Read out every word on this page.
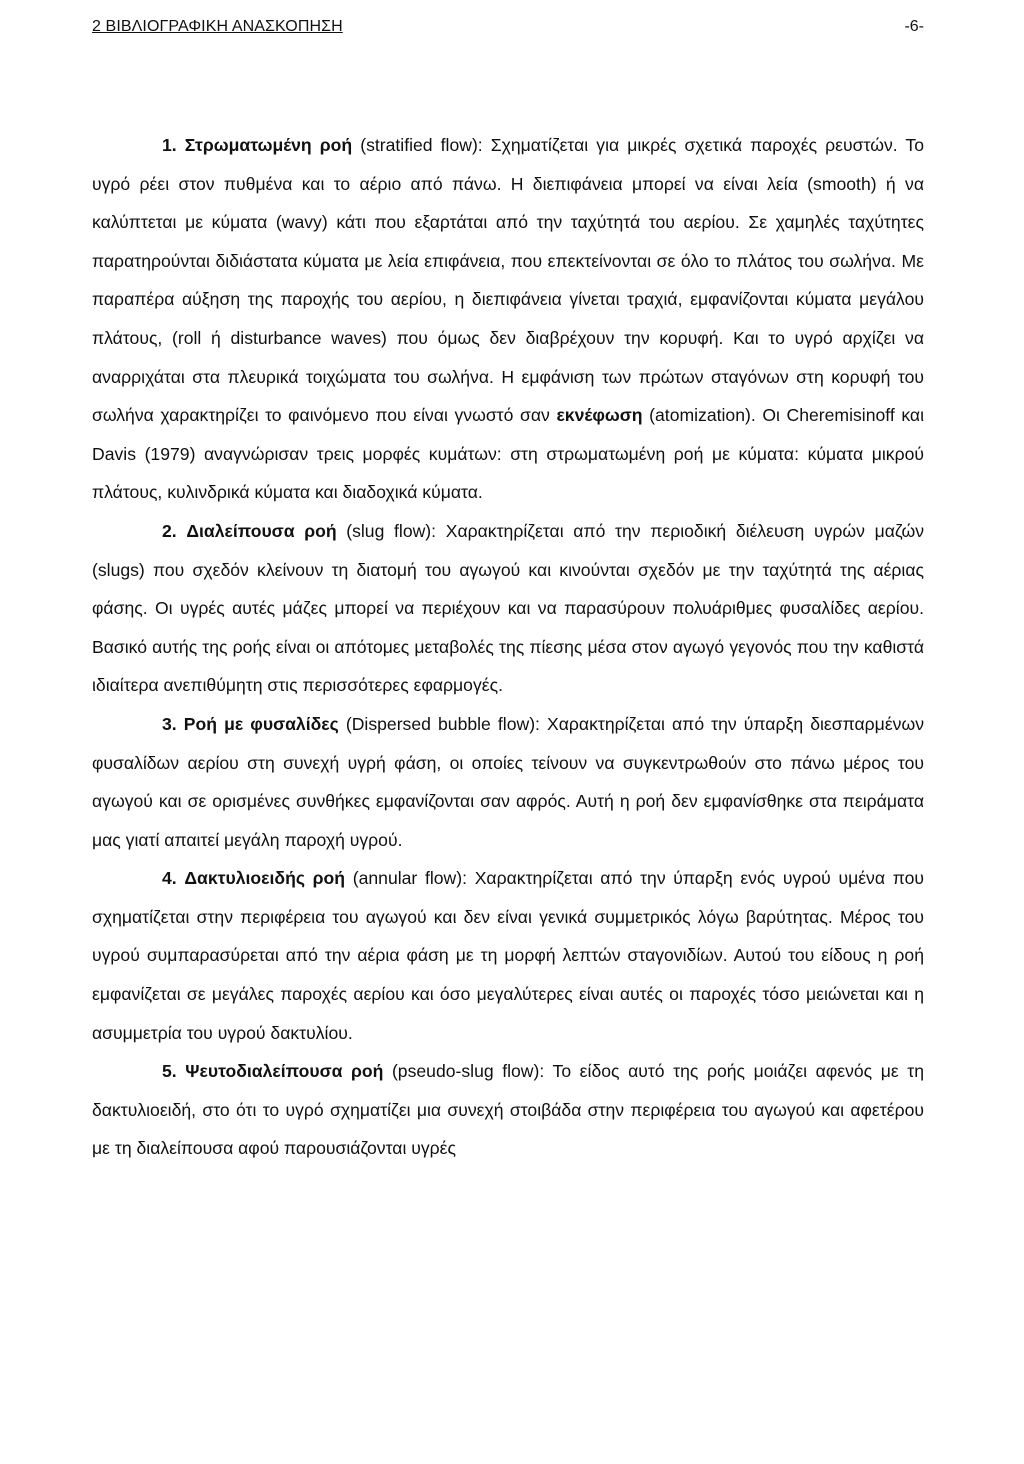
2 ΒΙΒΛΙΟΓΡΑΦΙΚΗ ΑΝΑΣΚΟΠΗΣΗ	-6-

1. Στρωματωμένη ροή (stratified flow): Σχηματίζεται για μικρές σχετικά παροχές ρευστών. Το υγρό ρέει στον πυθμένα και το αέριο από πάνω. Η διεπιφάνεια μπορεί να είναι λεία (smooth) ή να καλύπτεται με κύματα (wavy) κάτι που εξαρτάται από την ταχύτητά του αερίου. Σε χαμηλές ταχύτητες παρατηρούνται διδιάστατα κύματα με λεία επιφάνεια, που επεκτείνονται σε όλο το πλάτος του σωλήνα. Με παραπέρα αύξηση της παροχής του αερίου, η διεπιφάνεια γίνεται τραχιά, εμφανίζονται κύματα μεγάλου πλάτους, (roll ή disturbance waves) που όμως δεν διαβρέχουν την κορυφή. Και το υγρό αρχίζει να αναρριχάται στα πλευρικά τοιχώματα του σωλήνα. Η εμφάνιση των πρώτων σταγόνων στη κορυφή του σωλήνα χαρακτηρίζει το φαινόμενο που είναι γνωστό σαν εκνέφωση (atomization). Οι Cheremisinoff και Davis (1979) αναγνώρισαν τρεις μορφές κυμάτων: στη στρωματωμένη ροή με κύματα: κύματα μικρού πλάτους, κυλινδρικά κύματα και διαδοχικά κύματα.

2. Διαλείπουσα ροή (slug flow): Χαρακτηρίζεται από την περιοδική διέλευση υγρών μαζών (slugs) που σχεδόν κλείνουν τη διατομή του αγωγού και κινούνται σχεδόν με την ταχύτητά της αέριας φάσης. Οι υγρές αυτές μάζες μπορεί να περιέχουν και να παρασύρουν πολυάριθμες φυσαλίδες αερίου. Βασικό αυτής της ροής είναι οι απότομες μεταβολές της πίεσης μέσα στον αγωγό γεγονός που την καθιστά ιδιαίτερα ανεπιθύμητη στις περισσότερες εφαρμογές.

3. Ροή με φυσαλίδες (Dispersed bubble flow): Χαρακτηρίζεται από την ύπαρξη διεσπαρμένων φυσαλίδων αερίου στη συνεχή υγρή φάση, οι οποίες τείνουν να συγκεντρωθούν στο πάνω μέρος του αγωγού και σε ορισμένες συνθήκες εμφανίζονται σαν αφρός. Αυτή η ροή δεν εμφανίσθηκε στα πειράματα μας γιατί απαιτεί μεγάλη παροχή υγρού.

4. Δακτυλιοειδής ροή (annular flow): Χαρακτηρίζεται από την ύπαρξη ενός υγρού υμένα που σχηματίζεται στην περιφέρεια του αγωγού και δεν είναι γενικά συμμετρικός λόγω βαρύτητας. Μέρος του υγρού συμπαρασύρεται από την αέρια φάση με τη μορφή λεπτών σταγονιδίων. Αυτού του είδους η ροή εμφανίζεται σε μεγάλες παροχές αερίου και όσο μεγαλύτερες είναι αυτές οι παροχές τόσο μειώνεται και η ασυμμετρία του υγρού δακτυλίου.

5. Ψευτοδιαλείπουσα ροή (pseudo-slug flow): Το είδος αυτό της ροής μοιάζει αφενός με τη δακτυλιοειδή, στο ότι το υγρό σχηματίζει μια συνεχή στοιβάδα στην περιφέρεια του αγωγού και αφετέρου με τη διαλείπουσα αφού παρουσιάζονται υγρές
